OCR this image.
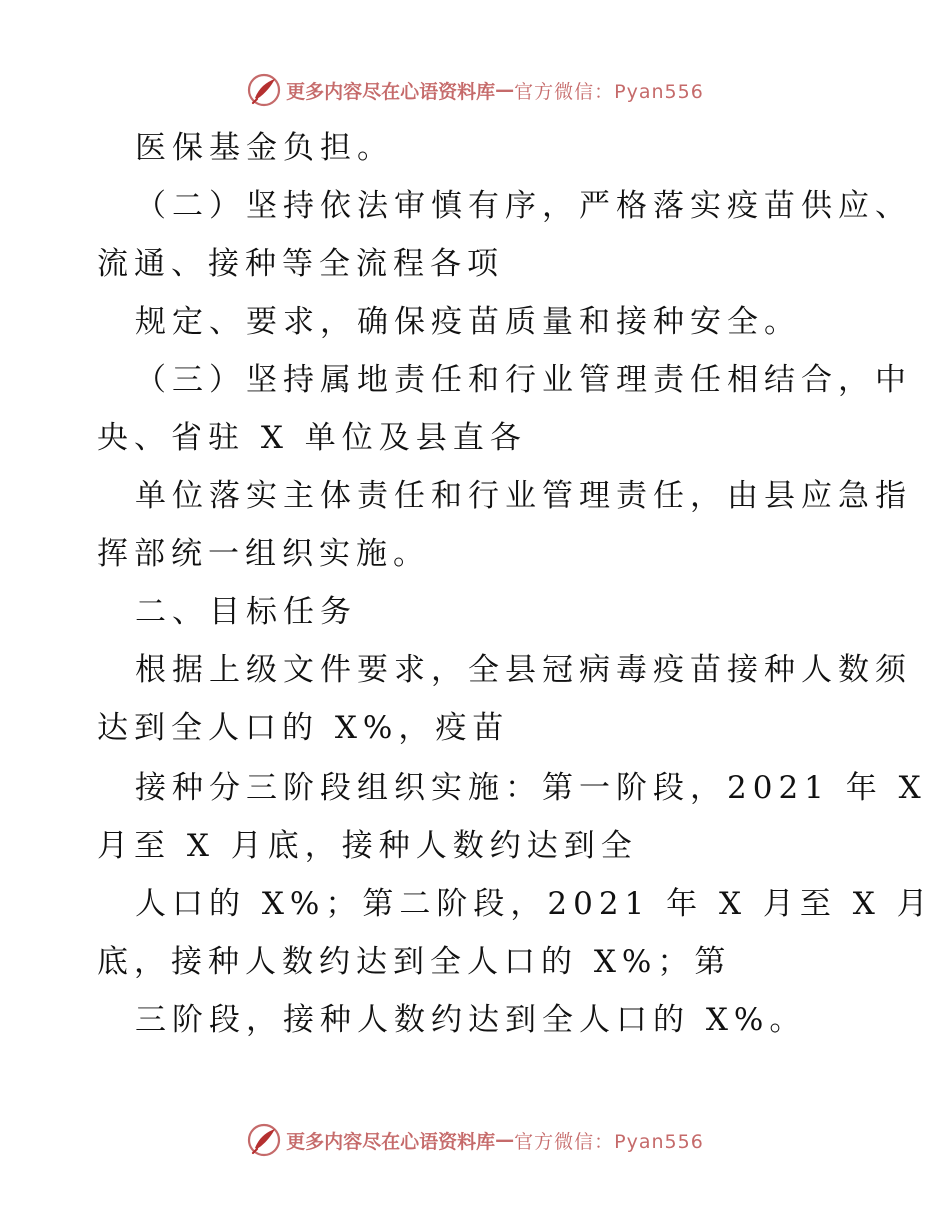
更多内容尽在心语资料库 — 官方微信：Pyan556
医保基金负担。
（二）坚持依法审慎有序，严格落实疫苗供应、
流通、接种等全流程各项
规定、要求，确保疫苗质量和接种安全。
（三）坚持属地责任和行业管理责任相结合，中
央、省驻 X 单位及县直各
单位落实主体责任和行业管理责任，由县应急指
挥部统一组织实施。
二、目标任务
根据上级文件要求，全县冠病毒疫苗接种人数须
达到全人口的 X%，疫苗
接种分三阶段组织实施：第一阶段，2021 年 X
月至 X 月底，接种人数约达到全
人口的 X%；第二阶段，2021 年 X 月至 X 月
底，接种人数约达到全人口的 X%；第
三阶段，接种人数约达到全人口的 X%。
更多内容尽在心语资料库 — 官方微信：Pyan556
